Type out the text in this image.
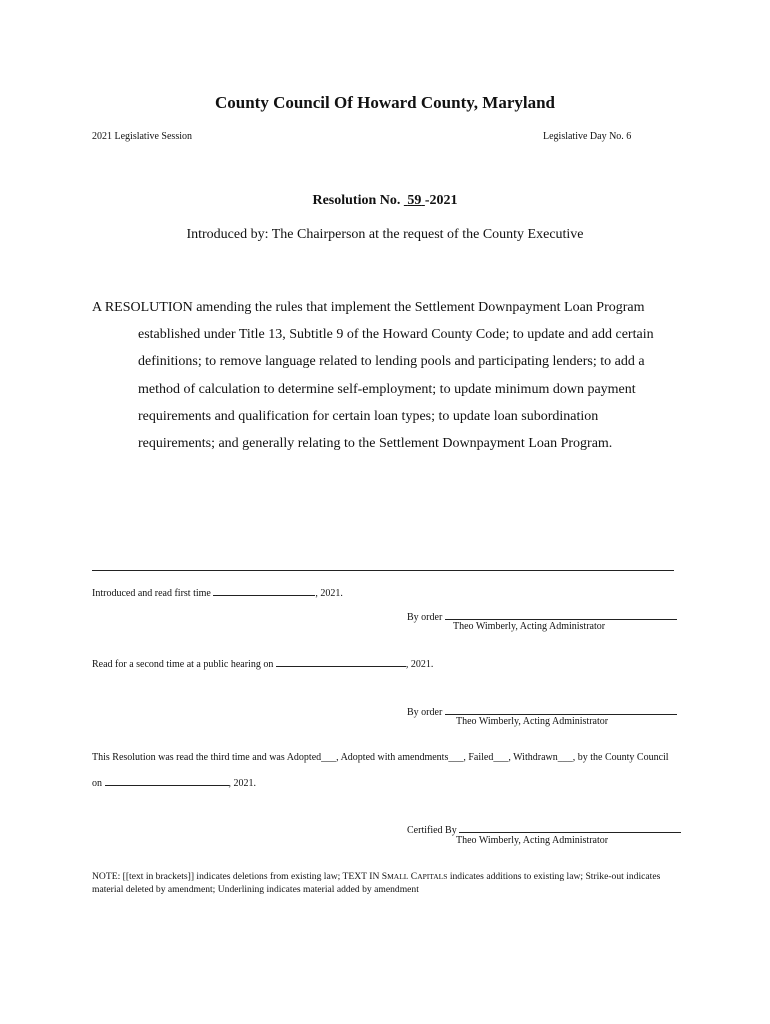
County Council Of Howard County, Maryland
2021 Legislative Session	Legislative Day No. 6
Resolution No. 59 -2021
Introduced by: The Chairperson at the request of the County Executive
A RESOLUTION amending the rules that implement the Settlement Downpayment Loan Program
established under Title 13, Subtitle 9 of the Howard County Code; to update and add certain
definitions; to remove language related to lending pools and participating lenders; to add a
method of calculation to determine self-employment; to update minimum down payment
requirements and qualification for certain loan types; to update loan subordination
requirements; and generally relating to the Settlement Downpayment Loan Program.
Introduced and read first time	, 2021.
By order
Theo Wimberly, Acting Administrator
Read for a second time at a public hearing on	, 2021.
By order
Theo Wimberly, Acting Administrator
This Resolution was read the third time and was Adopted___, Adopted with amendments___, Failed___, Withdrawn___, by the County Council
on	, 2021.
Certified By
Theo Wimberly, Acting Administrator
NOTE: [[text in brackets]] indicates deletions from existing law; TEXT IN SMALL CAPITALS indicates additions to existing law; Strike-out indicates material deleted by amendment; Underlining indicates material added by amendment
